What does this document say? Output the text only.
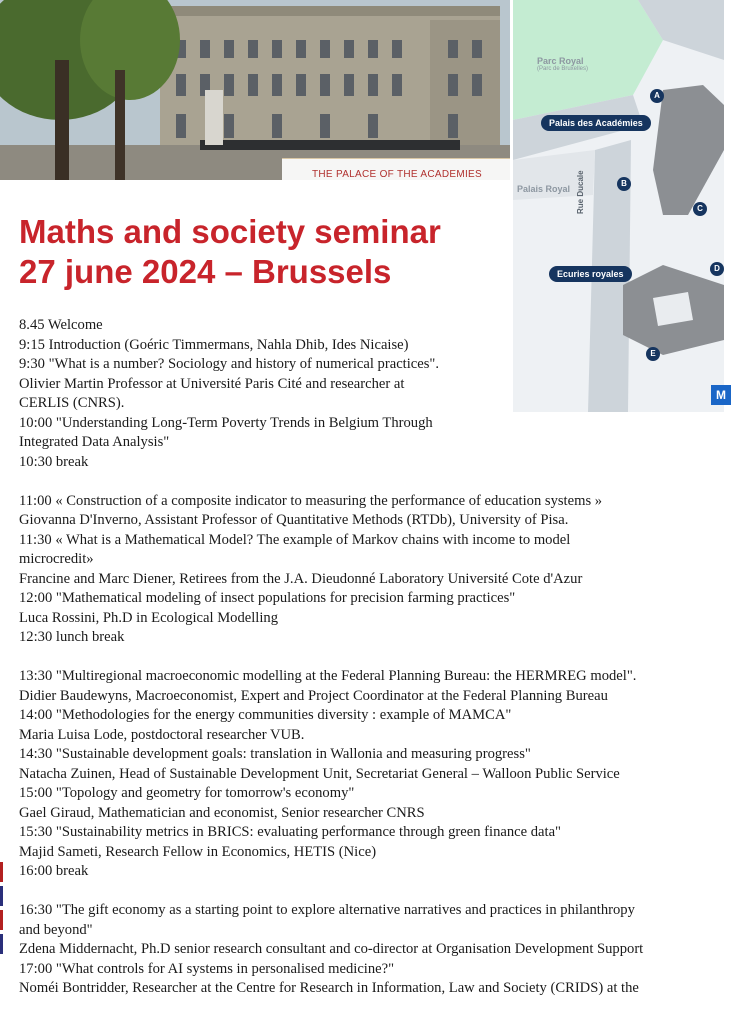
THE PALACE OF THE ACADEMIES
Parc Royal
(Parc de Bruxelles)
Palais Royal Rue Ducale
Palais des Académies
Ecuries royales
A
B
C
D
E
M
Maths and society seminar
27 june 2024 – Brussels
8.45 Welcome
9:15 Introduction (Goéric Timmermans, Nahla Dhib, Ides Nicaise)
9:30 "What is a number? Sociology and history of numerical practices".
Olivier Martin Professor at Université Paris Cité and researcher at
CERLIS (CNRS).
10:00 "Understanding Long-Term Poverty Trends in Belgium Through
Integrated Data Analysis"
10:30 break
11:00 « Construction of a composite indicator to measuring the performance of education systems »
Giovanna D'Inverno, Assistant Professor of Quantitative Methods (RTDb), University of Pisa.
11:30 « What is a Mathematical Model? The example of Markov chains with income to model
microcredit»
Francine and Marc Diener, Retirees from the J.A. Dieudonné Laboratory Université Cote d'Azur
12:00 "Mathematical modeling of insect populations for precision farming practices"
Luca Rossini, Ph.D in Ecological Modelling
12:30 lunch break
13:30 "Multiregional macroeconomic modelling at the Federal Planning Bureau: the HERMREG model".
Didier Baudewyns, Macroeconomist, Expert and Project Coordinator at the Federal Planning Bureau
14:00 "Methodologies for the energy communities diversity : example of MAMCA"
Maria Luisa Lode, postdoctoral researcher VUB.
14:30 "Sustainable development goals: translation in Wallonia and measuring progress"
Natacha Zuinen, Head of Sustainable Development Unit, Secretariat General – Walloon Public Service
15:00 "Topology and geometry for tomorrow's economy"
Gael Giraud, Mathematician and economist, Senior researcher CNRS
15:30 "Sustainability metrics in BRICS: evaluating performance through green finance data"
Majid Sameti, Research Fellow in Economics, HETIS (Nice)
16:00 break
16:30 "The gift economy as a starting point to explore alternative narratives and practices in philanthropy
and beyond"
Zdena Middernacht, Ph.D senior research consultant and co-director at Organisation Development Support
17:00 "What controls for AI systems in personalised medicine?"
Noméi Bontridder, Researcher at the Centre for Research in Information, Law and Society (CRIDS) at the
